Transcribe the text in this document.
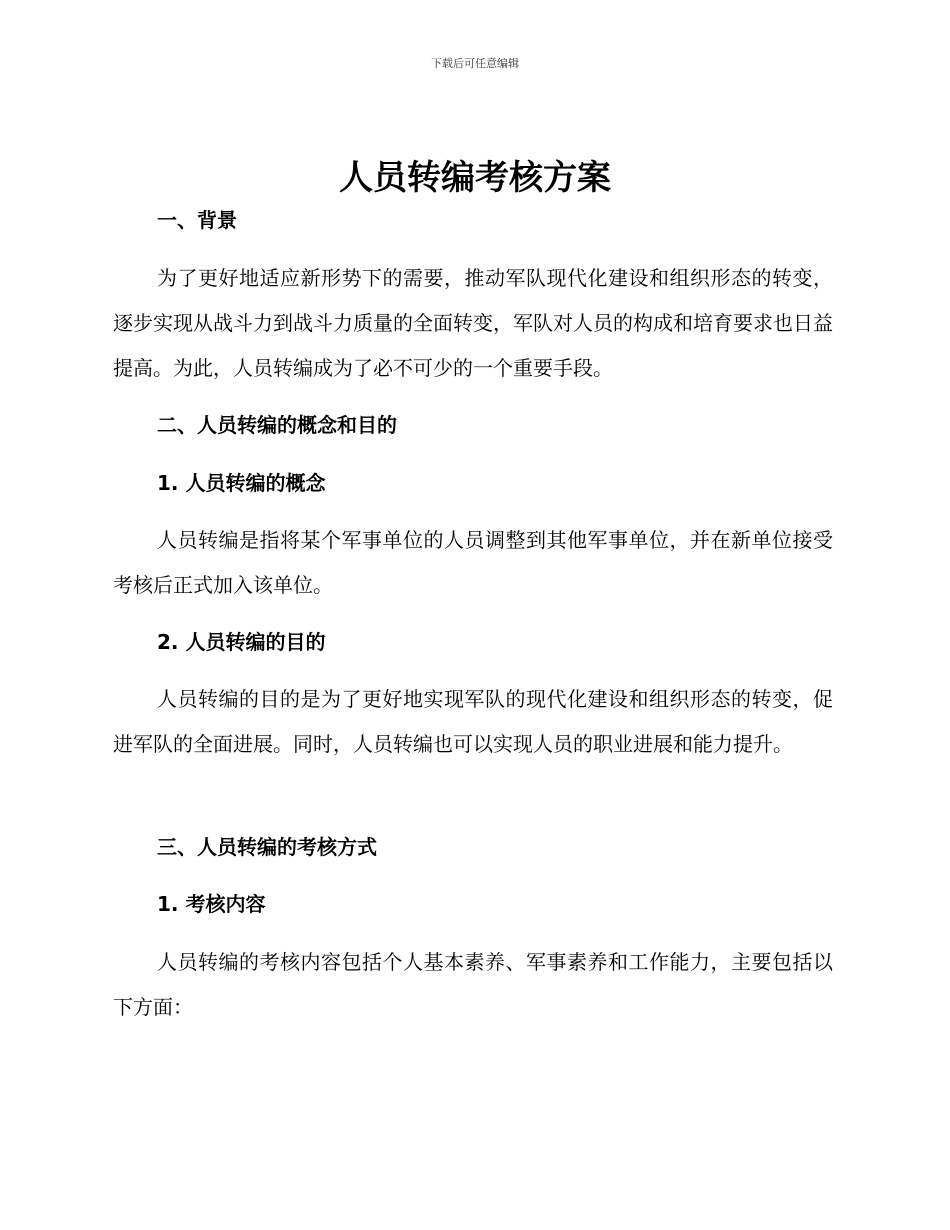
下载后可任意编辑
人员转编考核方案

一、背景

为了更好地适应新形势下的需要，推动军队现代化建设和组织形态的转变，逐步实现从战斗力到战斗力质量的全面转变，军队对人员的构成和培育要求也日益提高。为此，人员转编成为了必不可少的一个重要手段。

二、人员转编的概念和目的

1. 人员转编的概念

人员转编是指将某个军事单位的人员调整到其他军事单位，并在新单位接受考核后正式加入该单位。

2. 人员转编的目的

人员转编的目的是为了更好地实现军队的现代化建设和组织形态的转变，促进军队的全面进展。同时，人员转编也可以实现人员的职业进展和能力提升。

三、人员转编的考核方式

1. 考核内容

人员转编的考核内容包括个人基本素养、军事素养和工作能力，主要包括以下方面：
